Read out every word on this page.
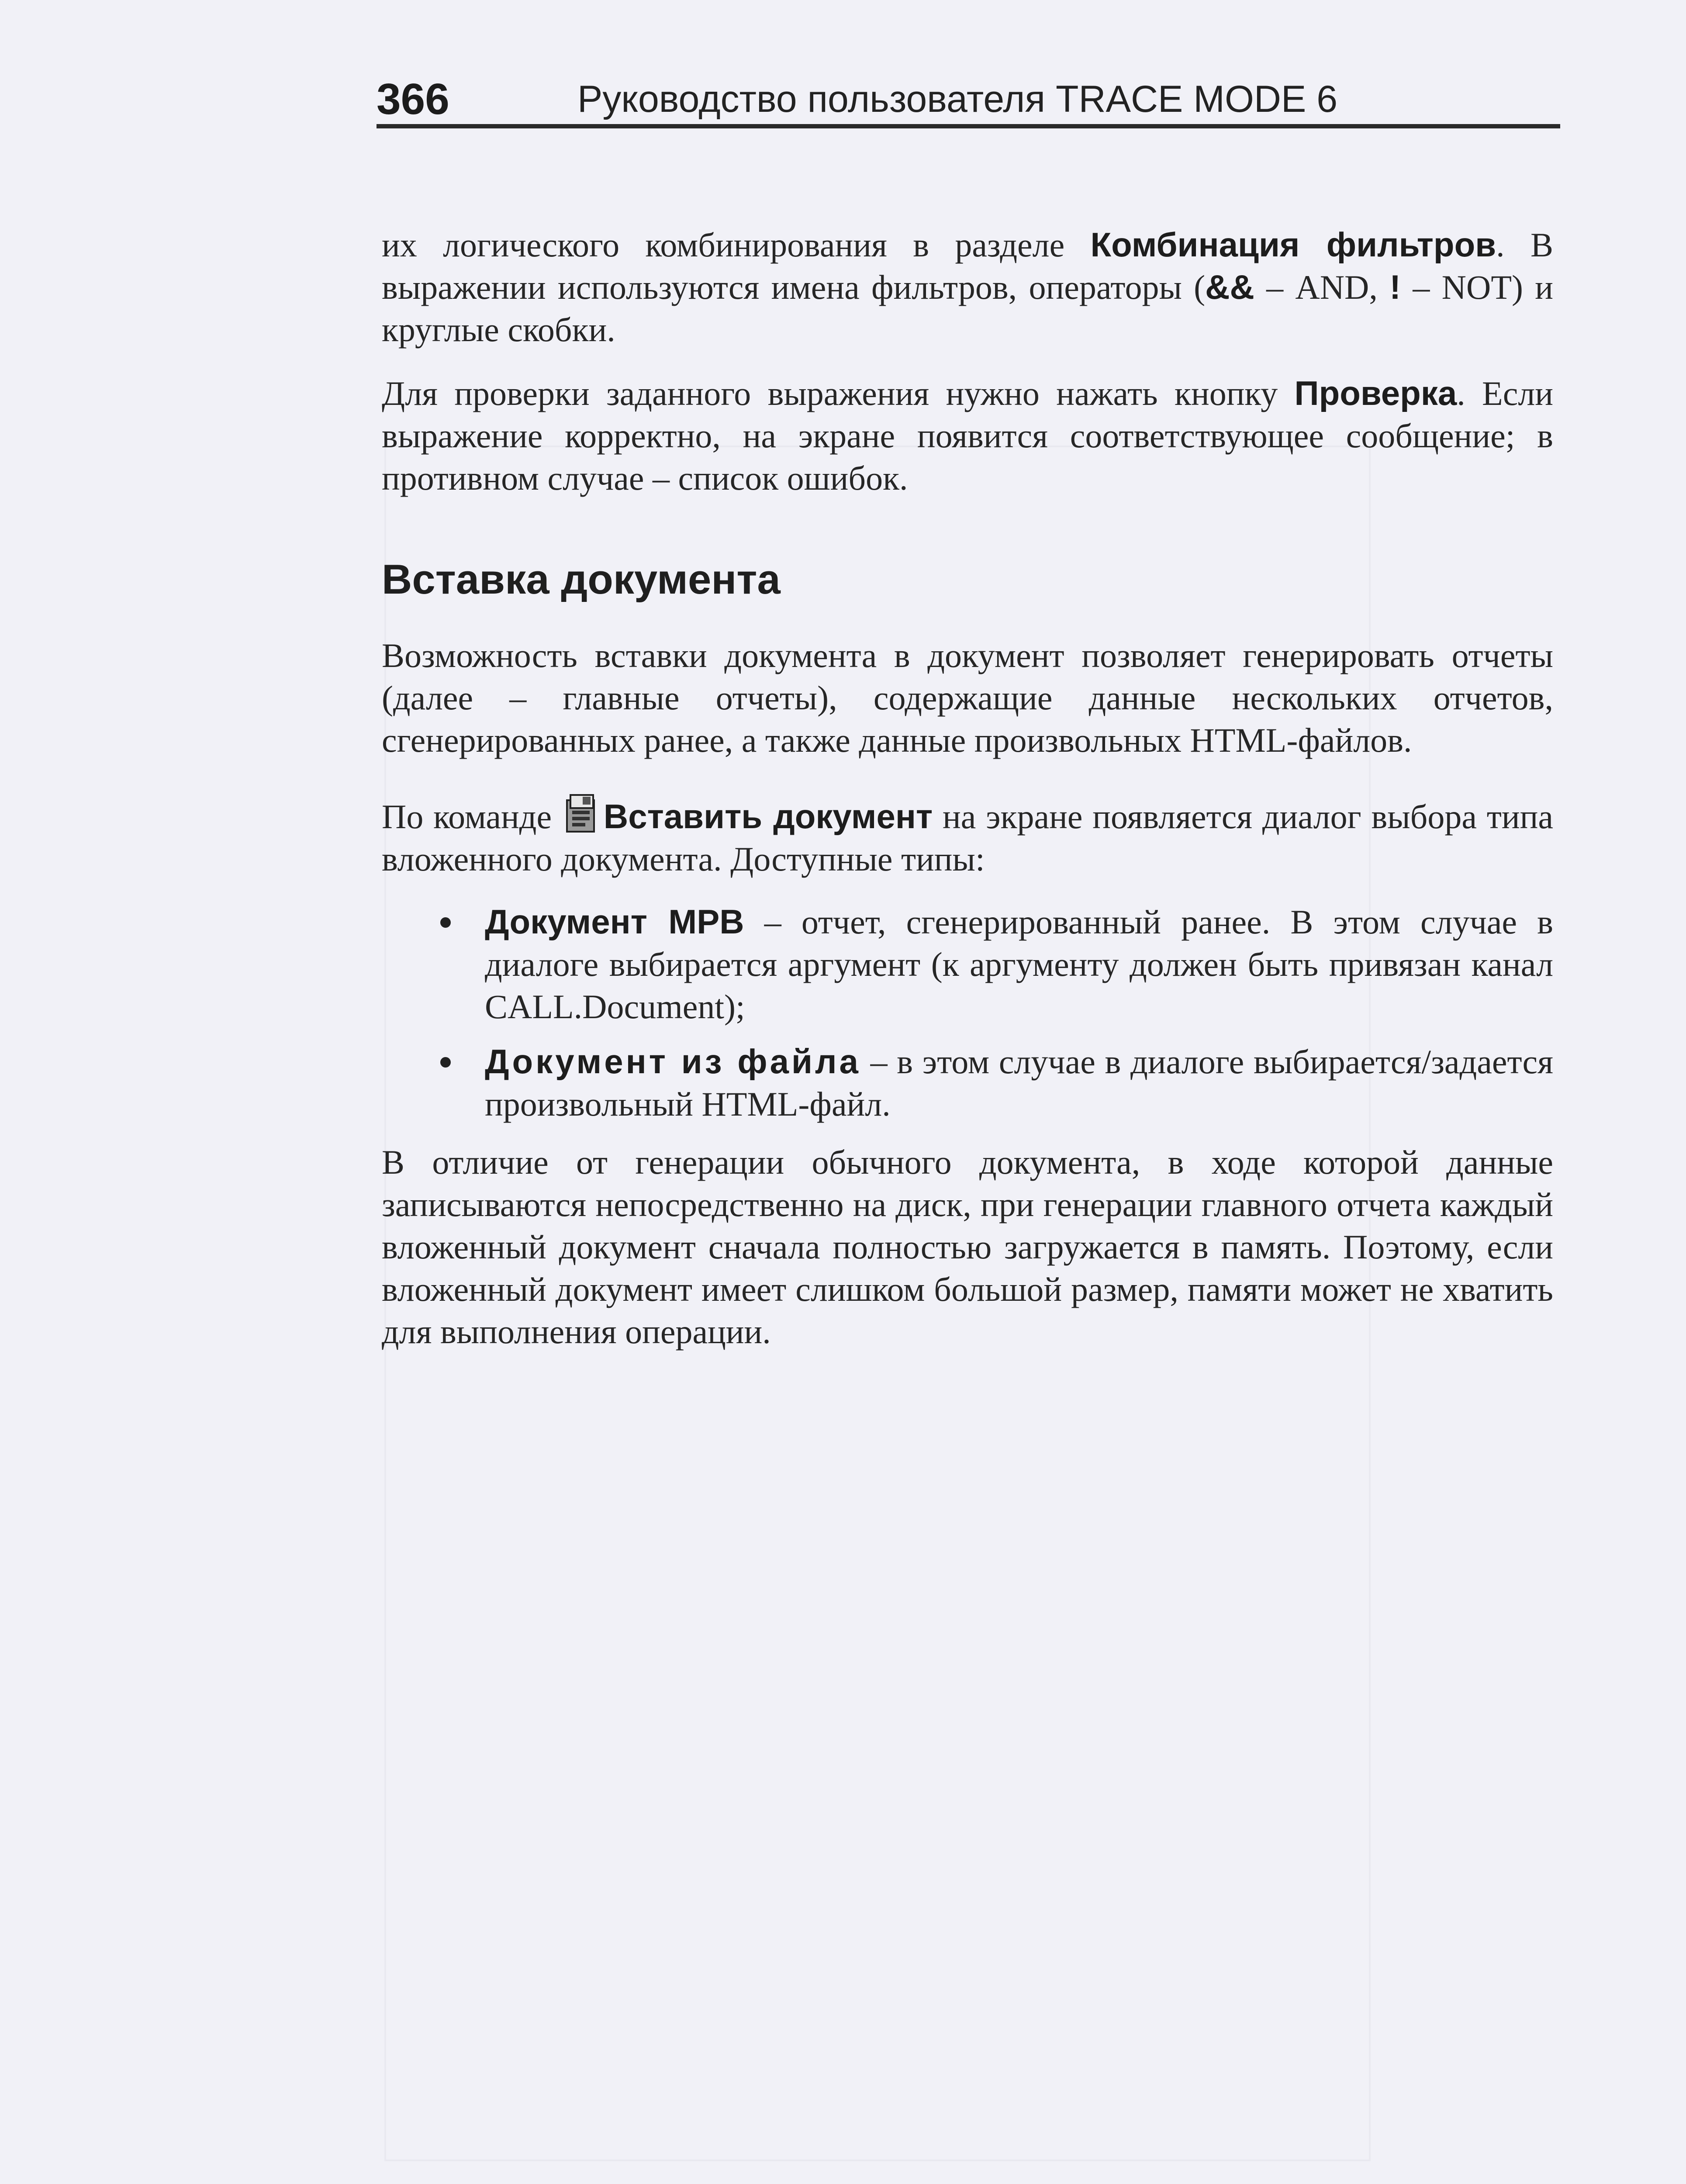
366	Руководство пользователя TRACE MODE 6

их логического комбинирования в разделе Комбинация фильтров. В выражении используются имена фильтров, операторы (&& – AND, ! – NOT) и круглые скобки.

Для проверки заданного выражения нужно нажать кнопку Проверка. Если выражение корректно, на экране появится соответствующее сообщение; в противном случае – список ошибок.

Вставка документа

Возможность вставки документа в документ позволяет генерировать отчеты (далее – главные отчеты), содержащие данные нескольких отчетов, сгенерированных ранее, а также данные произвольных HTML-файлов.

По команде Вставить документ на экране появляется диалог выбора типа вложенного документа. Доступные типы:

Документ МРВ – отчет, сгенерированный ранее. В этом случае в диалоге выбирается аргумент (к аргументу должен быть привязан канал CALL.Document);
Документ из файла – в этом случае в диалоге выбирается/задается произвольный HTML-файл.

В отличие от генерации обычного документа, в ходе которой данные записываются непосредственно на диск, при генерации главного отчета каждый вложенный документ сначала полностью загружается в память. Поэтому, если вложенный документ имеет слишком большой размер, памяти может не хватить для выполнения операции.
